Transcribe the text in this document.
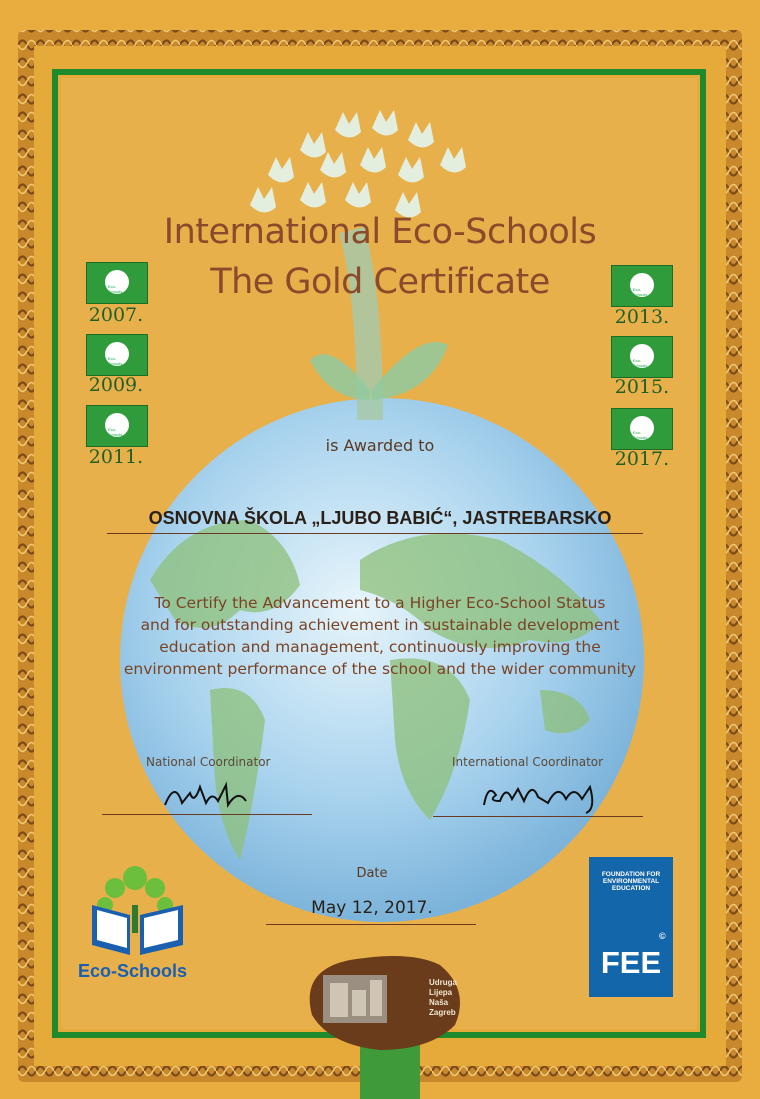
International Eco-Schools
The Gold Certificate
Eco-Schools
2007.
Eco-Schools
2009.
Eco-Schools
2011.
Eco-Schools
2013.
Eco-Schools
2015.
Eco-Schools
2017.
is Awarded to
OSNOVNA ŠKOLA „LJUBO BABIĆ“, JASTREBARSKO
To Certify the Advancement to a Higher Eco-School Status
and for outstanding achievement in sustainable development
education and management, continuously improving the
environment performance of the school and the wider community
National Coordinator	International Coordinator
Date
May 12, 2017.
Eco-Schools
FOUNDATION FOR ENVIRONMENTAL EDUCATION
©
FEE
Udruga
Lijepa
Naša
Zagreb
